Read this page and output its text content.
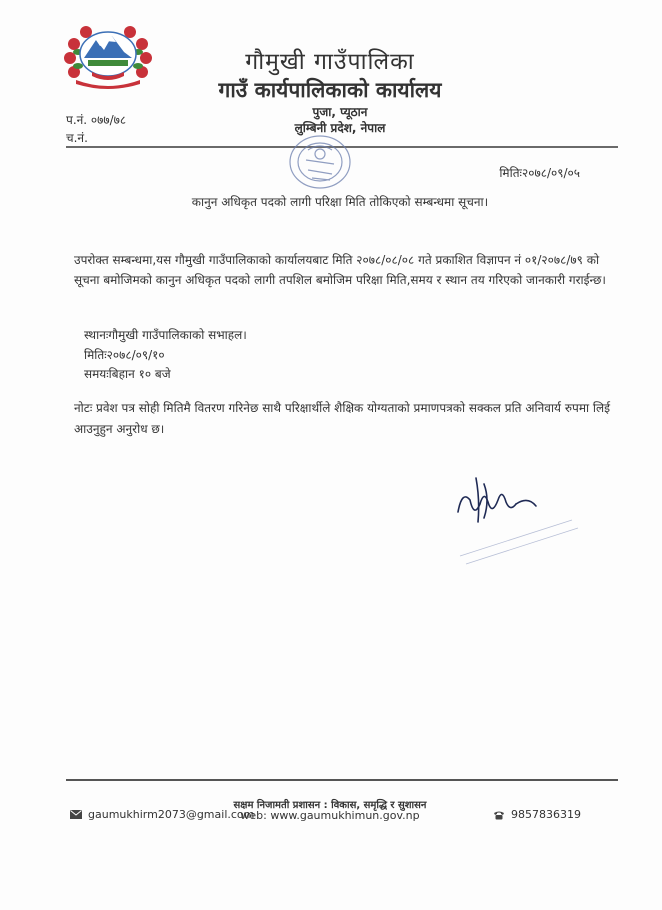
गौमुखी गाउँपालिका
गाउँ कार्यपालिकाको कार्यालय
पुजा, प्यूठान
लुम्बिनी प्रदेश, नेपाल
प.नं. ०७७/७८
च.नं.
मितिः२०७८/०९/०५
कानुन अधिकृत पदको लागी परिक्षा मिति तोकिएको सम्बन्धमा सूचना।
उपरोक्त सम्बन्धमा,यस गौमुखी गाउँपालिकाको कार्यालयबाट मिति २०७८/०८/०८ गते प्रकाशित विज्ञापन नं ०१/२०७८/७९ को सूचना बमोजिमको कानुन अधिकृत पदको लागी तपशिल बमोजिम परिक्षा मिति,समय र स्थान तय गरिएको जानकारी गराईन्छ।
स्थानःगौमुखी गाउँपालिकाको सभाहल।
मितिः२०७८/०९/१०
समयःबिहान १० बजे
नोटः प्रवेश पत्र सोही मितिमै वितरण गरिनेछ साथै परिक्षार्थीले शैक्षिक योग्यताको प्रमाणपत्रको सक्कल प्रति अनिवार्य रुपमा लिई आउनुहुन अनुरोध छ।
सक्षम निजामती प्रशासन : विकास, समृद्धि र सुशासन
gaumukhirm2073@gmail.com
web: www.gaumukhimun.gov.np	9857836319
